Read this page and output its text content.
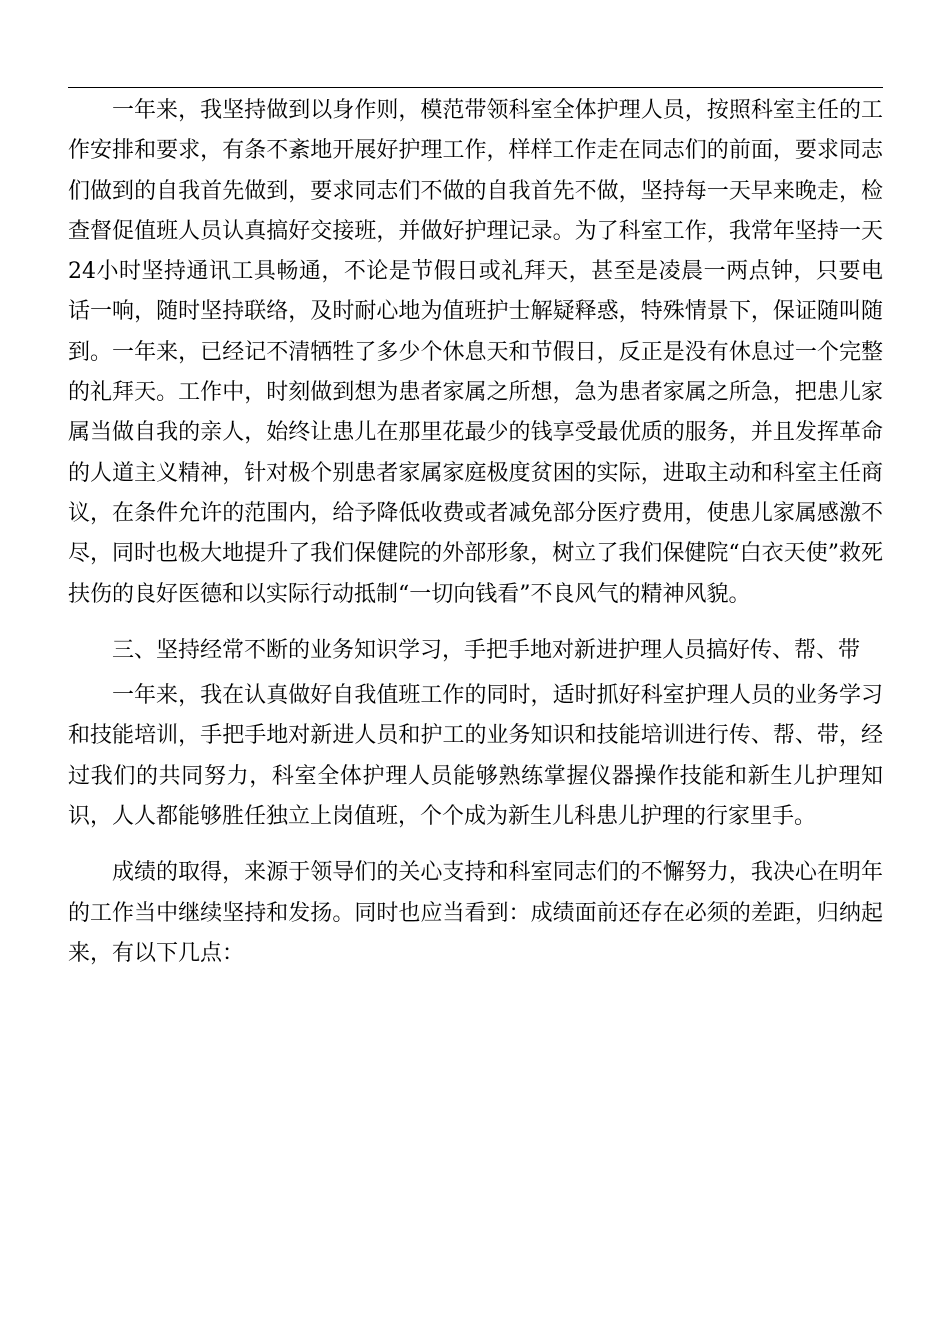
一年来，我坚持做到以身作则，模范带领科室全体护理人员，按照科室主任的工作安排和要求，有条不紊地开展好护理工作，样样工作走在同志们的前面，要求同志们做到的自我首先做到，要求同志们不做的自我首先不做，坚持每一天早来晚走，检查督促值班人员认真搞好交接班，并做好护理记录。为了科室工作，我常年坚持一天24小时坚持通讯工具畅通，不论是节假日或礼拜天，甚至是凌晨一两点钟，只要电话一响，随时坚持联络，及时耐心地为值班护士解疑释惑，特殊情景下，保证随叫随到。一年来，已经记不清牺牲了多少个休息天和节假日，反正是没有休息过一个完整的礼拜天。工作中，时刻做到想为患者家属之所想，急为患者家属之所急，把患儿家属当做自我的亲人，始终让患儿在那里花最少的钱享受最优质的服务，并且发挥革命的人道主义精神，针对极个别患者家属家庭极度贫困的实际，进取主动和科室主任商议，在条件允许的范围内，给予降低收费或者减免部分医疗费用，使患儿家属感激不尽，同时也极大地提升了我们保健院的外部形象，树立了我们保健院“白衣天使”救死扶伤的良好医德和以实际行动抵制“一切向钱看”不良风气的精神风貌。

三、坚持经常不断的业务知识学习，手把手地对新进护理人员搞好传、帮、带

一年来，我在认真做好自我值班工作的同时，适时抓好科室护理人员的业务学习和技能培训，手把手地对新进人员和护工的业务知识和技能培训进行传、帮、带，经过我们的共同努力，科室全体护理人员能够熟练掌握仪器操作技能和新生儿护理知识，人人都能够胜任独立上岗值班，个个成为新生儿科患儿护理的行家里手。

成绩的取得，来源于领导们的关心支持和科室同志们的不懈努力，我决心在明年的工作当中继续坚持和发扬。同时也应当看到：成绩面前还存在必须的差距，归纳起来，有以下几点：
